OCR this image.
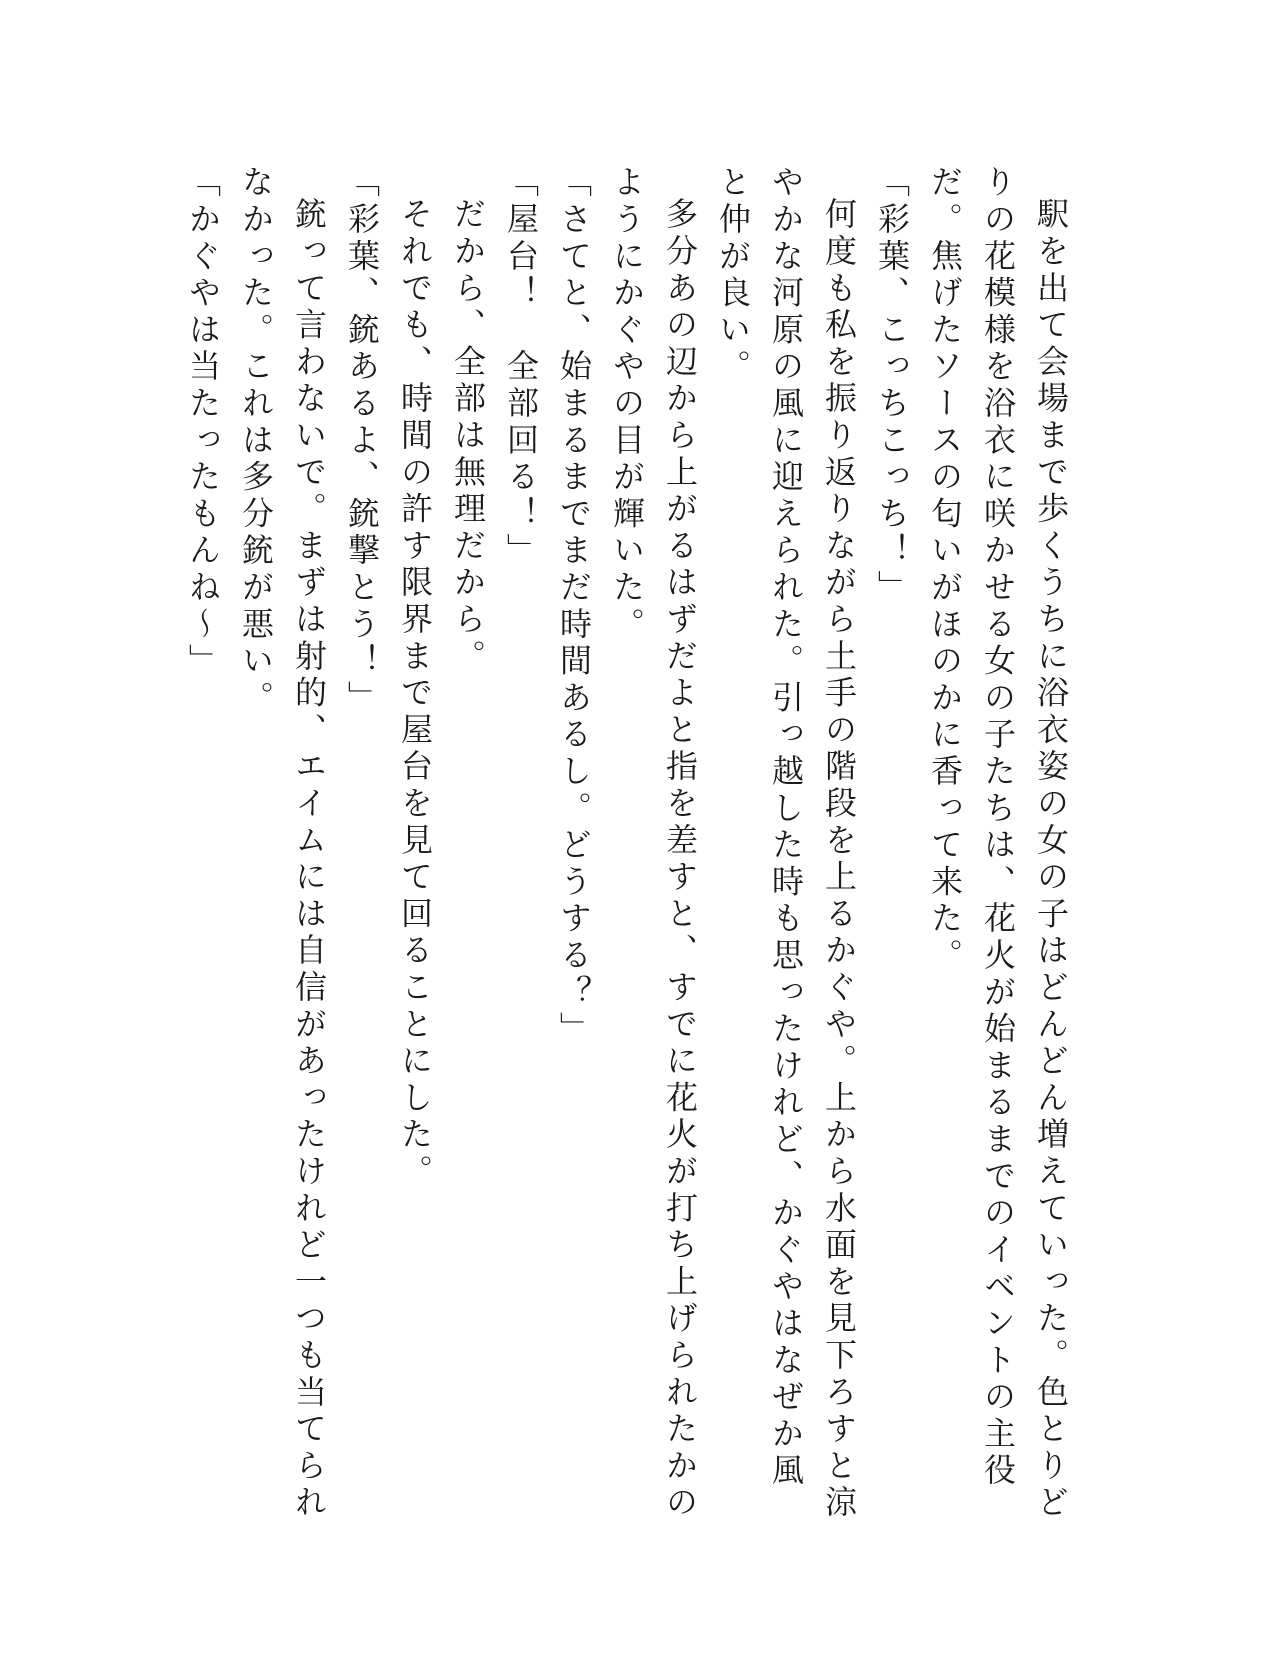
駅を出て会場まで歩くうちに浴衣姿の女の子はどんどん増えていった。色とりどりの花模様を浴衣に咲かせる女の子たちは、花火が始まるまでのイベントの主役だ。焦げたソースの匂いがほのかに香って来た。

「彩葉、こっちこっち！」

何度も私を振り返りながら土手の階段を上るかぐや。上から水面を見下ろすと涼やかな河原の風に迎えられた。引っ越した時も思ったけれど、かぐやはなぜか風と仲が良い。

多分あの辺から上がるはずだよと指を差すと、すでに花火が打ち上げられたかのようにかぐやの目が輝いた。

「さてと、始まるまでまだ時間あるし。どうする？」

「屋台！　全部回る！」

だから、全部は無理だから。

それでも、時間の許す限界まで屋台を見て回ることにした。

「彩葉、銃あるよ、銃撃とう！」

銃って言わないで。まずは射的、エイムには自信があったけれど一つも当てられなかった。これは多分銃が悪い。

「かぐやは当たったもんね～」
